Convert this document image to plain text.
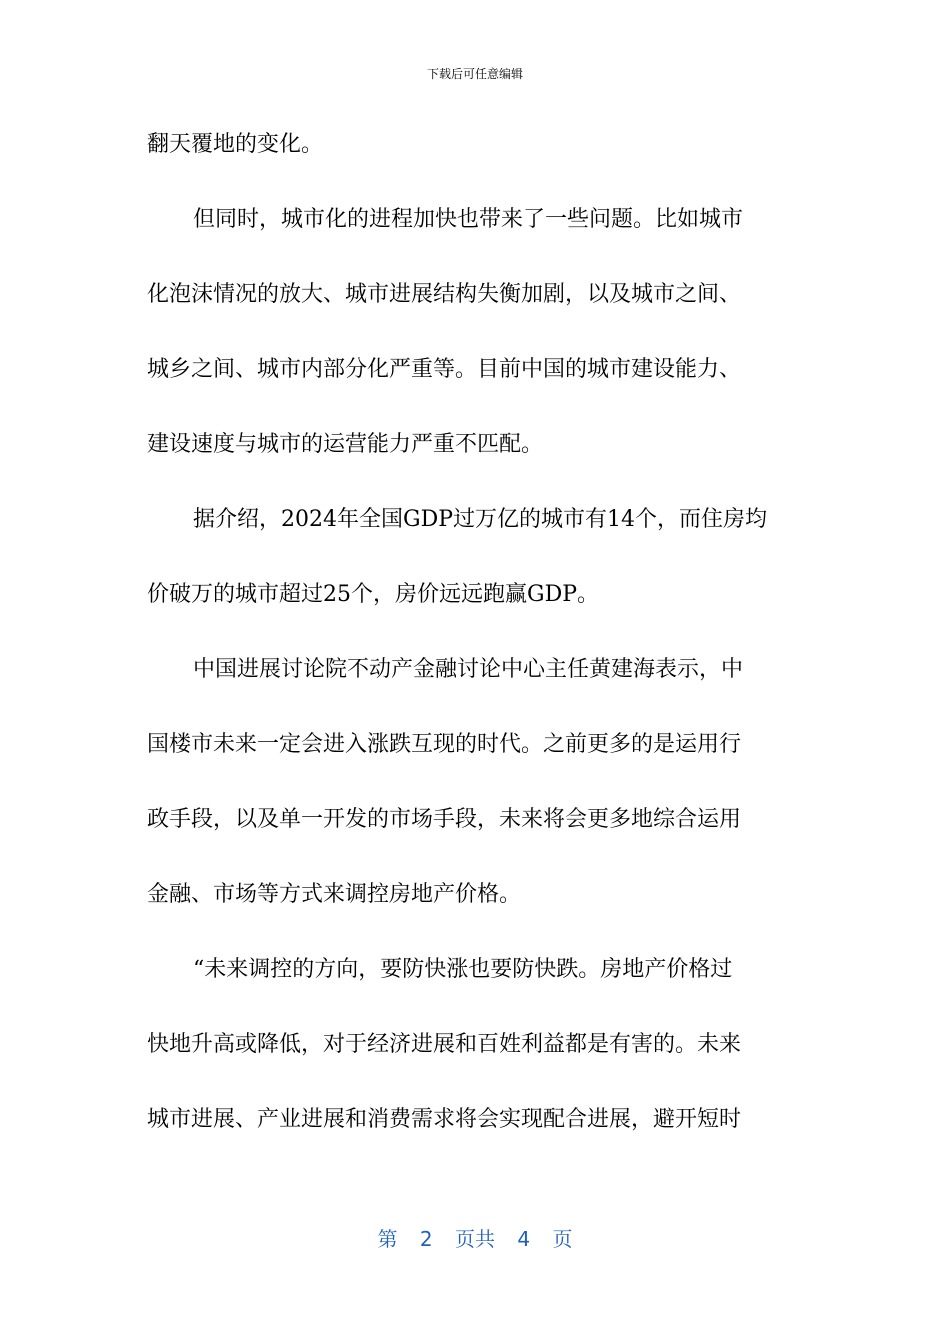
下载后可任意编辑
翻天覆地的变化。
但同时，城市化的进程加快也带来了一些问题。比如城市
化泡沫情况的放大、城市进展结构失衡加剧，以及城市之间、
城乡之间、城市内部分化严重等。目前中国的城市建设能力、
建设速度与城市的运营能力严重不匹配。
据介绍，2024年全国GDP过万亿的城市有14个，而住房均
价破万的城市超过25个，房价远远跑赢GDP。
中国进展讨论院不动产金融讨论中心主任黄建海表示，中
国楼市未来一定会进入涨跌互现的时代。之前更多的是运用行
政手段，以及单一开发的市场手段，未来将会更多地综合运用
金融、市场等方式来调控房地产价格。
“未来调控的方向，要防快涨也要防快跌。房地产价格过
快地升高或降低，对于经济进展和百姓利益都是有害的。未来
城市进展、产业进展和消费需求将会实现配合进展，避开短时
第 2 页共 4 页
